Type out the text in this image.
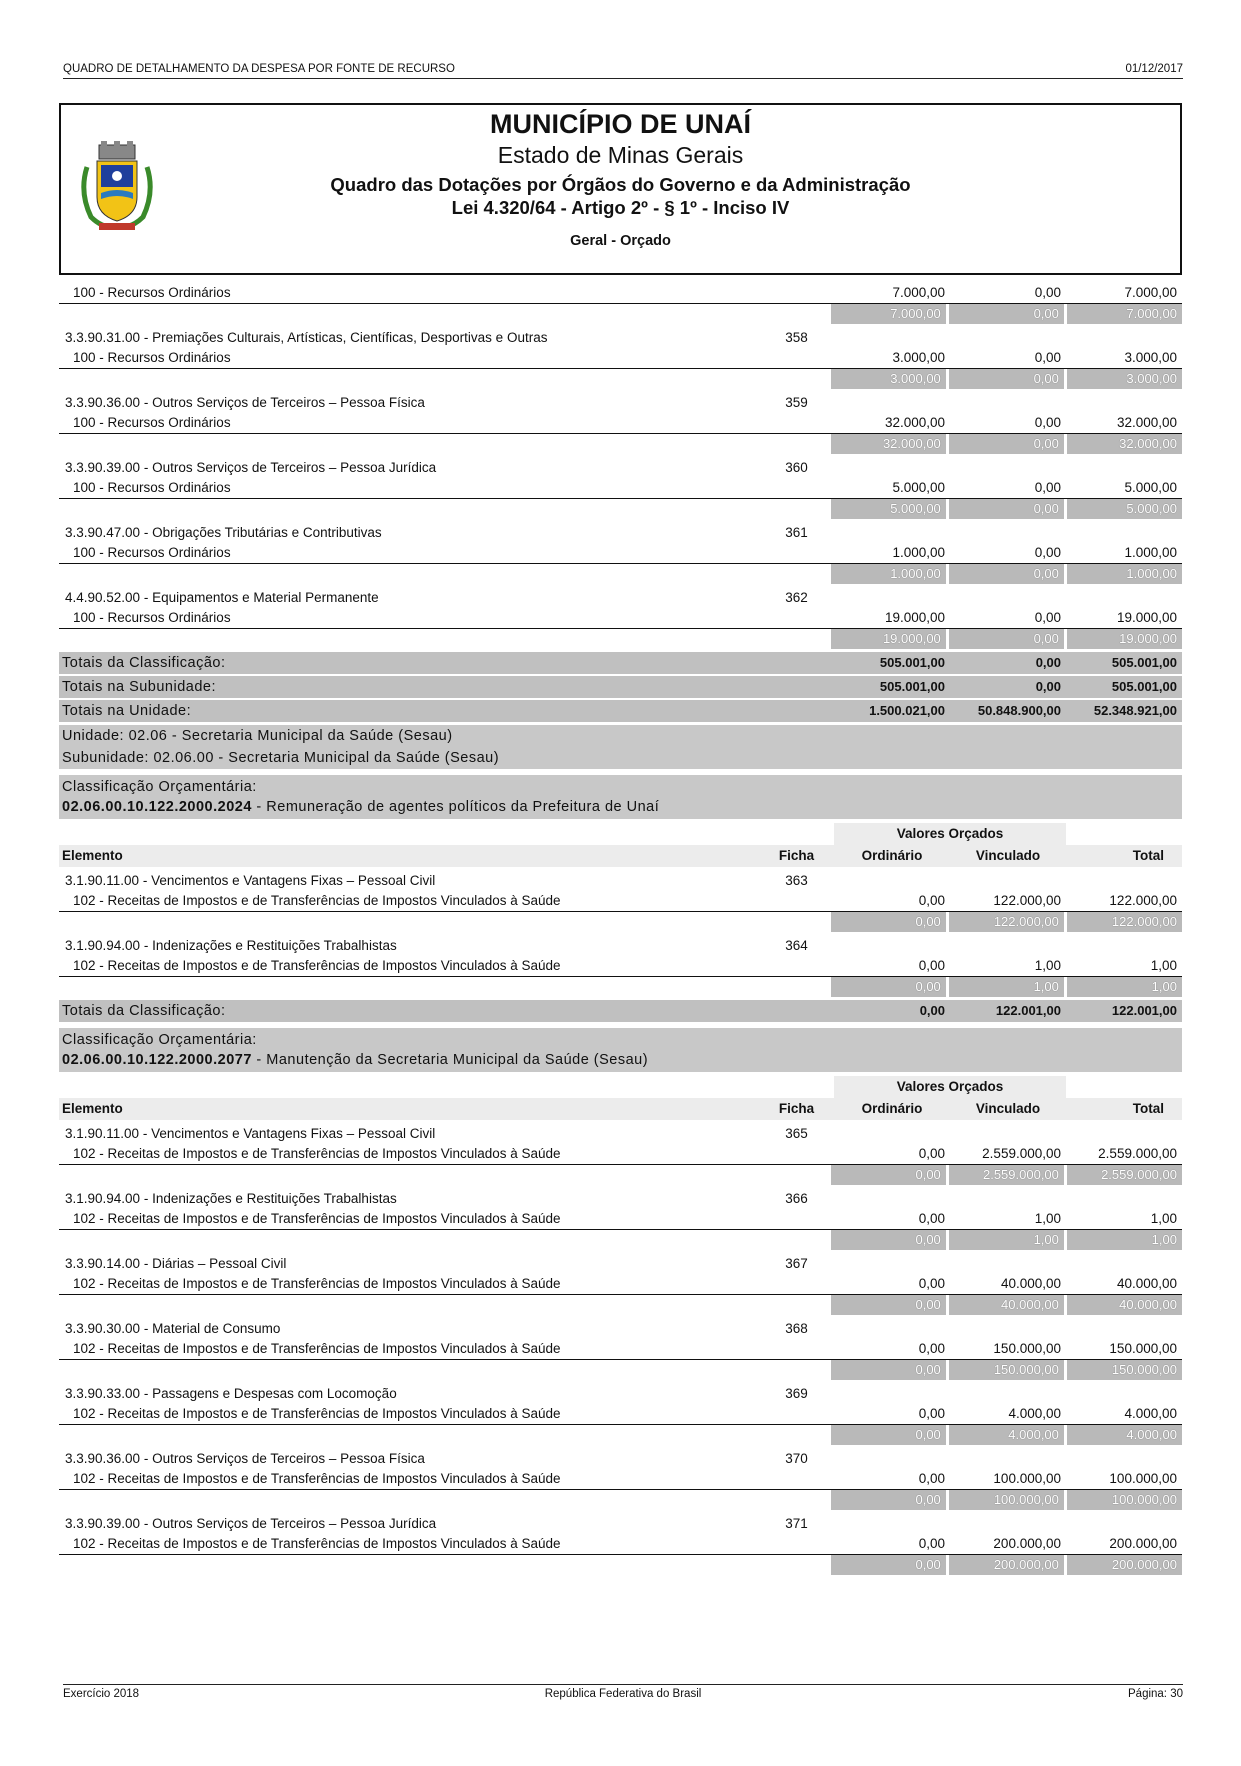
QUADRO DE DETALHAMENTO DA DESPESA POR FONTE DE RECURSO	01/12/2017
MUNICÍPIO DE UNAÍ
Estado de Minas Gerais
Quadro das Dotações por Órgãos do Governo e da Administração
Lei 4.320/64 - Artigo 2º - § 1º - Inciso IV
Geral - Orçado
100 - Recursos Ordinários	7.000,00	0,00	7.000,00
7.000,00	0,00	7.000,00
3.3.90.31.00 - Premiações Culturais, Artísticas, Científicas, Desportivas e Outras	358
100 - Recursos Ordinários	3.000,00	0,00	3.000,00
3.000,00	0,00	3.000,00
3.3.90.36.00 - Outros Serviços de Terceiros – Pessoa Física	359
100 - Recursos Ordinários	32.000,00	0,00	32.000,00
32.000,00	0,00	32.000,00
3.3.90.39.00 - Outros Serviços de Terceiros – Pessoa Jurídica	360
100 - Recursos Ordinários	5.000,00	0,00	5.000,00
5.000,00	0,00	5.000,00
3.3.90.47.00 - Obrigações Tributárias e Contributivas	361
100 - Recursos Ordinários	1.000,00	0,00	1.000,00
1.000,00	0,00	1.000,00
4.4.90.52.00 - Equipamentos e Material Permanente	362
100 - Recursos Ordinários	19.000,00	0,00	19.000,00
19.000,00	0,00	19.000,00
Totais da Classificação:	505.001,00	0,00	505.001,00
Totais na Subunidade:	505.001,00	0,00	505.001,00
Totais na Unidade:	1.500.021,00	50.848.900,00	52.348.921,00
Unidade: 02.06 - Secretaria Municipal da Saúde (Sesau)
Subunidade: 02.06.00 - Secretaria Municipal da Saúde (Sesau)
Classificação Orçamentária:
02.06.00.10.122.2000.2024 - Remuneração de agentes políticos da Prefeitura de Unaí
Valores Orçados
Elemento	Ficha	Ordinário	Vinculado	Total
3.1.90.11.00 - Vencimentos e Vantagens Fixas – Pessoal Civil	363
102 - Receitas de Impostos e de Transferências de Impostos Vinculados à Saúde	0,00	122.000,00	122.000,00
0,00	122.000,00	122.000,00
3.1.90.94.00 - Indenizações e Restituições Trabalhistas	364
102 - Receitas de Impostos e de Transferências de Impostos Vinculados à Saúde	0,00	1,00	1,00
0,00	1,00	1,00
Totais da Classificação:	0,00	122.001,00	122.001,00
Classificação Orçamentária:
02.06.00.10.122.2000.2077 - Manutenção da Secretaria Municipal da Saúde (Sesau)
Valores Orçados
Elemento	Ficha	Ordinário	Vinculado	Total
3.1.90.11.00 - Vencimentos e Vantagens Fixas – Pessoal Civil	365
102 - Receitas de Impostos e de Transferências de Impostos Vinculados à Saúde	0,00	2.559.000,00	2.559.000,00
0,00	2.559.000,00	2.559.000,00
3.1.90.94.00 - Indenizações e Restituições Trabalhistas	366
102 - Receitas de Impostos e de Transferências de Impostos Vinculados à Saúde	0,00	1,00	1,00
0,00	1,00	1,00
3.3.90.14.00 - Diárias – Pessoal Civil	367
102 - Receitas de Impostos e de Transferências de Impostos Vinculados à Saúde	0,00	40.000,00	40.000,00
0,00	40.000,00	40.000,00
3.3.90.30.00 - Material de Consumo	368
102 - Receitas de Impostos e de Transferências de Impostos Vinculados à Saúde	0,00	150.000,00	150.000,00
0,00	150.000,00	150.000,00
3.3.90.33.00 - Passagens e Despesas com Locomoção	369
102 - Receitas de Impostos e de Transferências de Impostos Vinculados à Saúde	0,00	4.000,00	4.000,00
0,00	4.000,00	4.000,00
3.3.90.36.00 - Outros Serviços de Terceiros – Pessoa Física	370
102 - Receitas de Impostos e de Transferências de Impostos Vinculados à Saúde	0,00	100.000,00	100.000,00
0,00	100.000,00	100.000,00
3.3.90.39.00 - Outros Serviços de Terceiros – Pessoa Jurídica	371
102 - Receitas de Impostos e de Transferências de Impostos Vinculados à Saúde	0,00	200.000,00	200.000,00
0,00	200.000,00	200.000,00
Exercício 2018	República Federativa do Brasil	Página: 30
